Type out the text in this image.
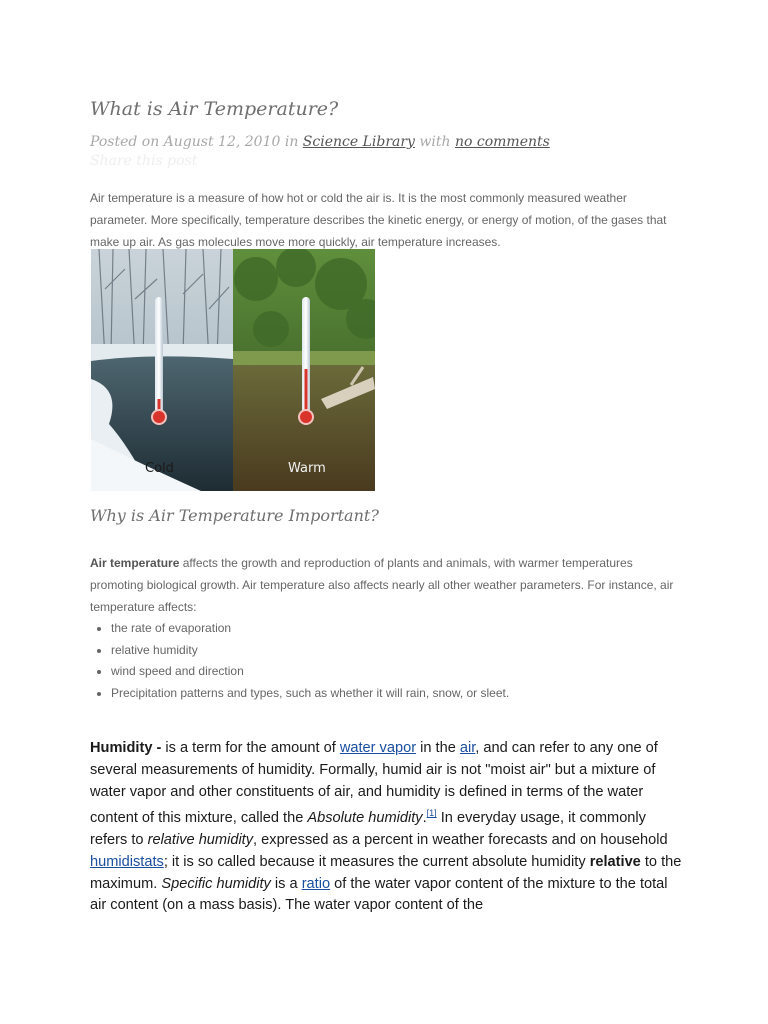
What is Air Temperature?
Posted on August 12, 2010 in Science Library with no comments
Share this post

Air temperature is a measure of how hot or cold the air is. It is the most commonly measured weather parameter. More specifically, temperature describes the kinetic energy, or energy of motion, of the gases that make up air. As gas molecules move more quickly, air temperature increases.

Cold	Warm
Why is Air Temperature Important?

Air temperature affects the growth and reproduction of plants and animals, with warmer temperatures promoting biological growth. Air temperature also affects nearly all other weather parameters. For instance, air temperature affects:

• the rate of evaporation
• relative humidity
• wind speed and direction
• Precipitation patterns and types, such as whether it will rain, snow, or sleet.

Humidity - is a term for the amount of water vapor in the air, and can refer to any one of several measurements of humidity. Formally, humid air is not "moist air" but a mixture of water vapor and other constituents of air, and humidity is defined in terms of the water content of this mixture, called the Absolute humidity.[1] In everyday usage, it commonly refers to relative humidity, expressed as a percent in weather forecasts and on household humidistats; it is so called because it measures the current absolute humidity relative to the maximum. Specific humidity is a ratio of the water vapor content of the mixture to the total air content (on a mass basis). The water vapor content of the
